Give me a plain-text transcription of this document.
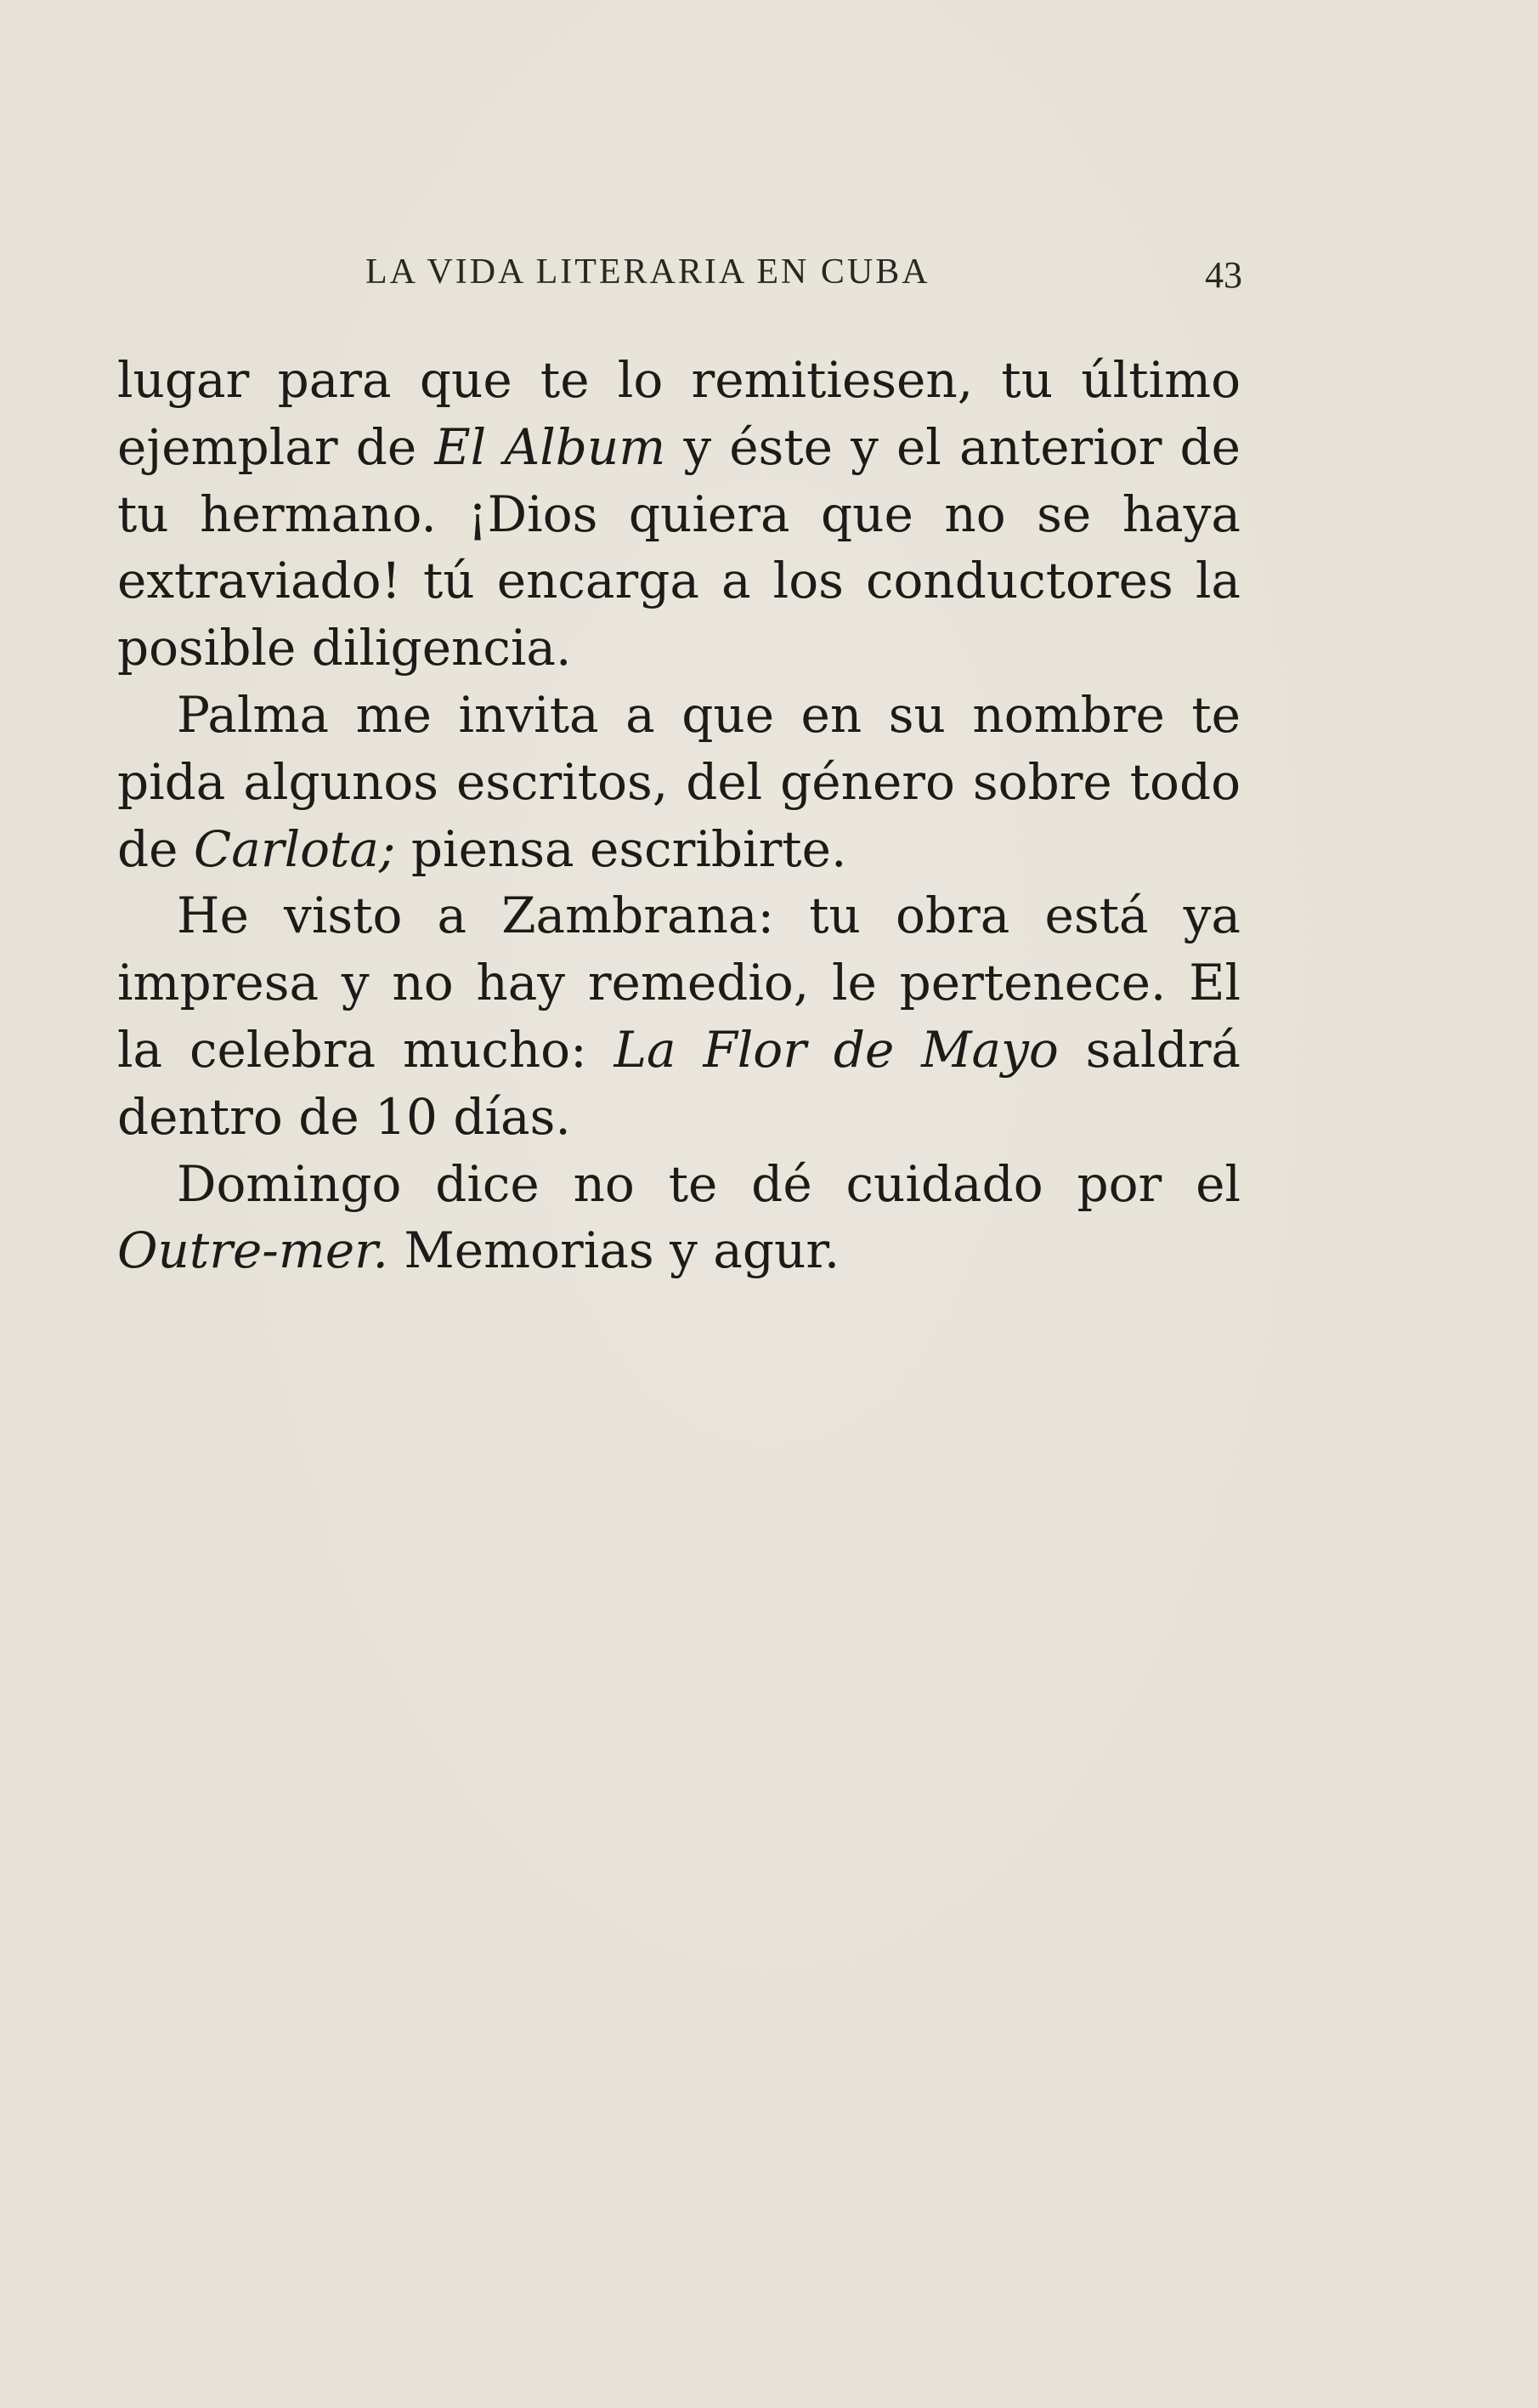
LA VIDA LITERARIA EN CUBA	43
lugar para que te lo remitiesen, tu último
ejemplar de El Album y éste y el anterior de
tu hermano. ¡Dios quiera que no se haya
extraviado! tú encarga a los conductores la
posible diligencia.
Palma me invita a que en su nombre te
pida algunos escritos, del género sobre todo
de Carlota; piensa escribirte.
He visto a Zambrana: tu obra está ya
impresa y no hay remedio, le pertenece. El
la celebra mucho: La Flor de Mayo saldrá
dentro de 10 días.
Domingo dice no te dé cuidado por el
Outre-mer. Memorias y agur.
